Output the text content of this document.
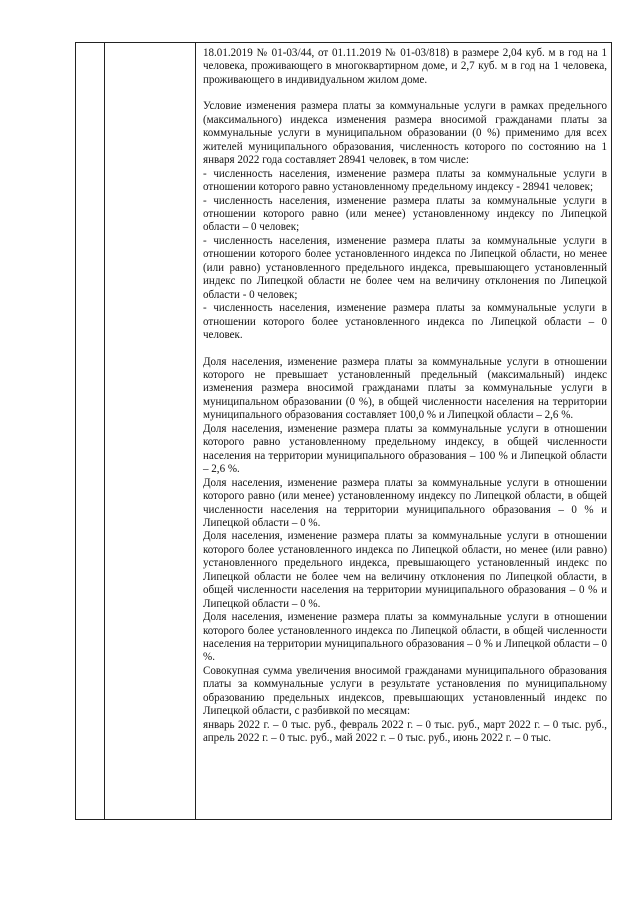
18.01.2019 № 01-03/44, от 01.11.2019 № 01-03/818) в размере 2,04 куб. м в год на 1 человека, проживающего в многоквартирном доме, и 2,7 куб. м в год на 1 человека, проживающего в индивидуальном жилом доме.

Условие изменения размера платы за коммунальные услуги в рамках предельного (максимального) индекса изменения размера вносимой гражданами платы за коммунальные услуги в муниципальном образовании (0 %) применимо для всех жителей муниципального образования, численность которого по состоянию на 1 января 2022 года составляет 28941 человек, в том числе:

- численность населения, изменение размера платы за коммунальные услуги в отношении которого равно установленному предельному индексу - 28941 человек;

- численность населения, изменение размера платы за коммунальные услуги в отношении которого равно (или менее) установленному индексу по Липецкой области – 0 человек;

- численность населения, изменение размера платы за коммунальные услуги в отношении которого более установленного индекса по Липецкой области, но менее (или равно) установленного предельного индекса, превышающего установленный индекс по Липецкой области не более чем на величину отклонения по Липецкой области - 0 человек;

- численность населения, изменение размера платы за коммунальные услуги в отношении которого более установленного индекса по Липецкой области – 0 человек.

Доля населения, изменение размера платы за коммунальные услуги в отношении которого не превышает установленный предельный (максимальный) индекс изменения размера вносимой гражданами платы за коммунальные услуги в муниципальном образовании (0 %), в общей численности населения на территории муниципального образования составляет 100,0 % и Липецкой области – 2,6 %.

Доля населения, изменение размера платы за коммунальные услуги в отношении которого равно установленному предельному индексу, в общей численности населения на территории муниципального образования – 100 % и Липецкой области – 2,6 %.

Доля населения, изменение размера платы за коммунальные услуги в отношении которого равно (или менее) установленному индексу по Липецкой области, в общей численности населения на территории муниципального образования – 0 % и Липецкой области – 0 %.

Доля населения, изменение размера платы за коммунальные услуги в отношении которого более установленного индекса по Липецкой области, но менее (или равно) установленного предельного индекса, превышающего установленный индекс по Липецкой области не более чем на величину отклонения по Липецкой области, в общей численности населения на территории муниципального образования – 0 % и Липецкой области – 0 %.

Доля населения, изменение размера платы за коммунальные услуги в отношении которого более установленного индекса по Липецкой области, в общей численности населения на территории муниципального образования – 0 % и Липецкой области – 0 %.

Совокупная сумма увеличения вносимой гражданами муниципального образования платы за коммунальные услуги в результате установления по муниципальному образованию предельных индексов, превышающих установленный индекс по Липецкой области, с разбивкой по месяцам:

январь 2022 г. – 0 тыс. руб., февраль 2022 г. – 0 тыс. руб., март 2022 г. – 0 тыс. руб., апрель 2022 г. – 0 тыс. руб., май 2022 г. – 0 тыс. руб., июнь 2022 г. – 0 тыс.
